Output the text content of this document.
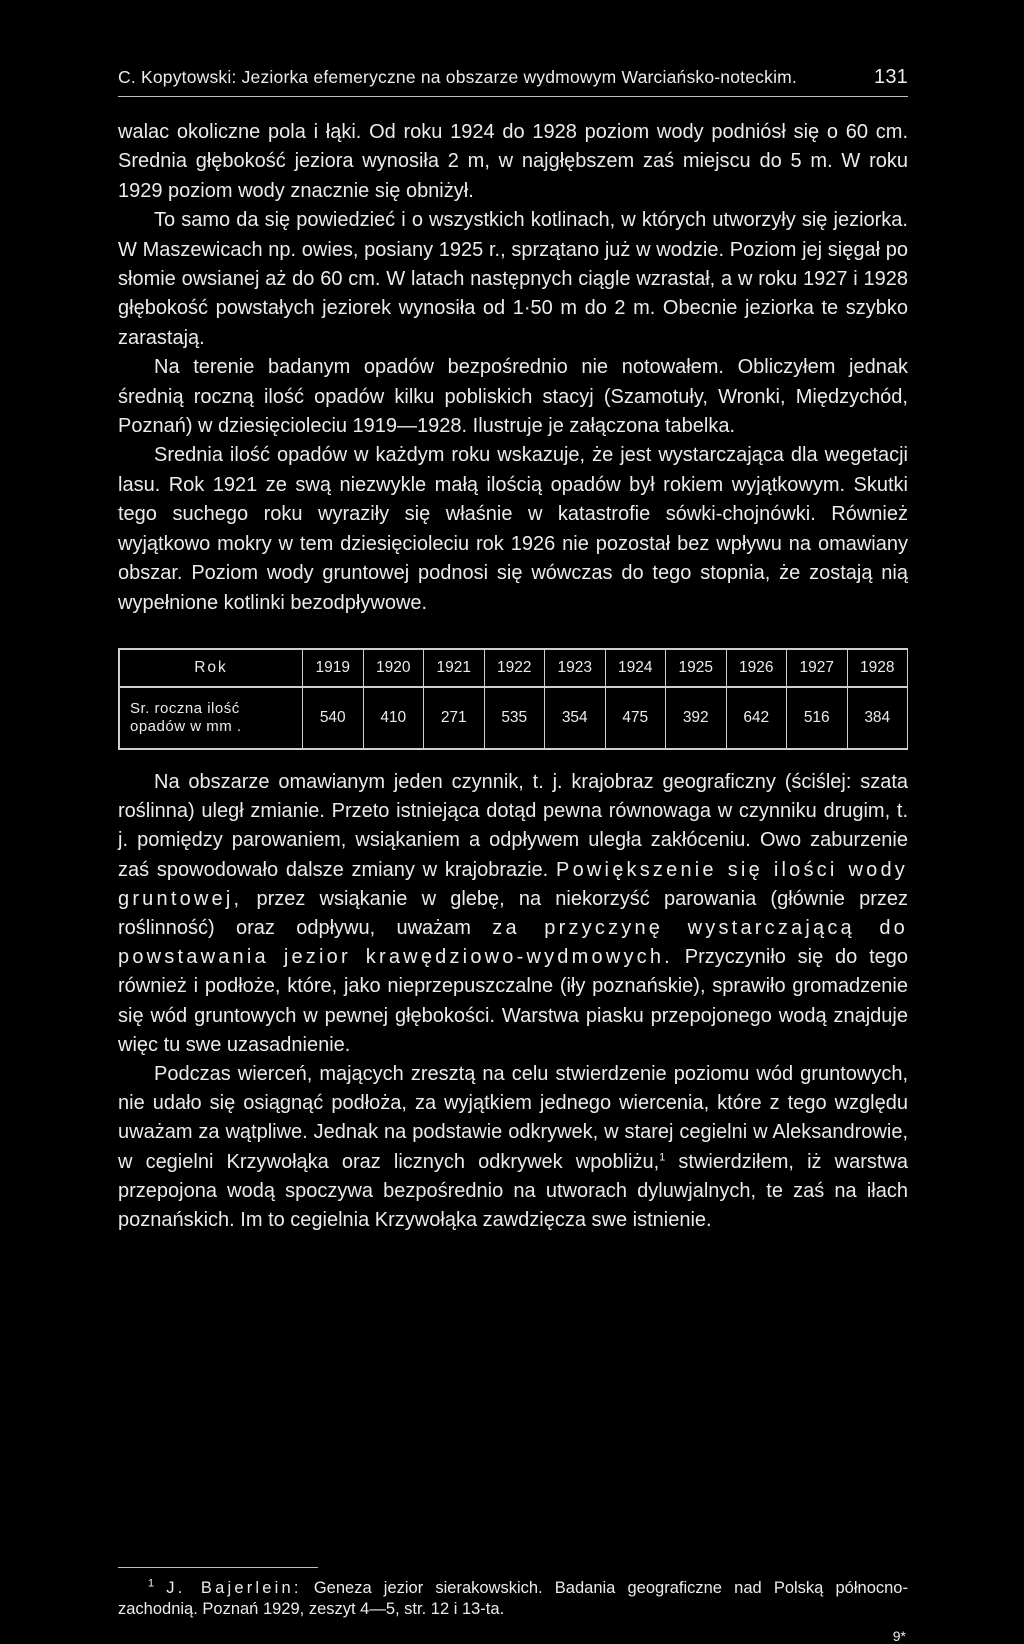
C. Kopytowski: Jeziorka efemeryczne na obszarze wydmowym Warciańsko-noteckim.	131

walac okoliczne pola i łąki. Od roku 1924 do 1928 poziom wody podniósł się o 60 cm. Srednia głębokość jeziora wynosiła 2 m, w najgłębszem zaś miejscu do 5 m. W roku 1929 poziom wody znacznie się obniżył.

To samo da się powiedzieć i o wszystkich kotlinach, w których utworzyły się jeziorka. W Maszewicach np. owies, posiany 1925 r., sprzątano już w wodzie. Poziom jej sięgał po słomie owsianej aż do 60 cm. W latach następnych ciągle wzrastał, a w roku 1927 i 1928 głębokość powstałych jeziorek wynosiła od 1·50 m do 2 m. Obecnie jeziorka te szybko zarastają.

Na terenie badanym opadów bezpośrednio nie notowałem. Obliczyłem jednak średnią roczną ilość opadów kilku pobliskich stacyj (Szamotuły, Wronki, Międzychód, Poznań) w dziesięcioleciu 1919—1928. Ilustruje je załączona tabelka.

Srednia ilość opadów w każdym roku wskazuje, że jest wystarczająca dla wegetacji lasu. Rok 1921 ze swą niezwykle małą ilością opadów był rokiem wyjątkowym. Skutki tego suchego roku wyraziły się właśnie w katastrofie sówki-chojnówki. Również wyjątkowo mokry w tem dziesięcioleciu rok 1926 nie pozostał bez wpływu na omawiany obszar. Poziom wody gruntowej podnosi się wówczas do tego stopnia, że zostają nią wypełnione kotlinki bezodpływowe.

Rok	1919	1920	1921	1922	1923	1924	1925	1926	1927	1928

Sr. roczna ilość
opadów w mm .	540	410	271	535	354	475	392	642	516	384

Na obszarze omawianym jeden czynnik, t. j. krajobraz geograficzny (ściślej: szata roślinna) uległ zmianie. Przeto istniejąca dotąd pewna równowaga w czynniku drugim, t. j. pomiędzy parowaniem, wsiąkaniem a odpływem uległa zakłóceniu. Owo zaburzenie zaś spowodowało dalsze zmiany w krajobrazie. Powiększenie się ilości wody gruntowej, przez wsiąkanie w glebę, na niekorzyść parowania (głównie przez roślinność) oraz odpływu, uważam za przyczynę wystarczającą do powstawania jezior krawędziowo-wydmowych. Przyczyniło się do tego również i podłoże, które, jako nieprzepuszczalne (iły poznańskie), sprawiło gromadzenie się wód gruntowych w pewnej głębokości. Warstwa piasku przepojonego wodą znajduje więc tu swe uzasadnienie.

Podczas wierceń, mających zresztą na celu stwierdzenie poziomu wód gruntowych, nie udało się osiągnąć podłoża, za wyjątkiem jednego wiercenia, które z tego względu uważam za wątpliwe. Jednak na podstawie odkrywek, w starej cegielni w Aleksandrowie, w cegielni Krzywołąka oraz licznych odkrywek wpobliżu,$^1$ stwierdziłem, iż warstwa przepojona wodą spoczywa bezpośrednio na utworach dyluwjalnych, te zaś na iłach poznańskich. Im to cegielnia Krzywołąka zawdzięcza swe istnienie.

$^1$ J. Bajerlein: Geneza jezior sierakowskich. Badania geograficzne nad Polską północno-zachodnią. Poznań 1929, zeszyt 4—5, str. 12 i 13-ta.
9*
